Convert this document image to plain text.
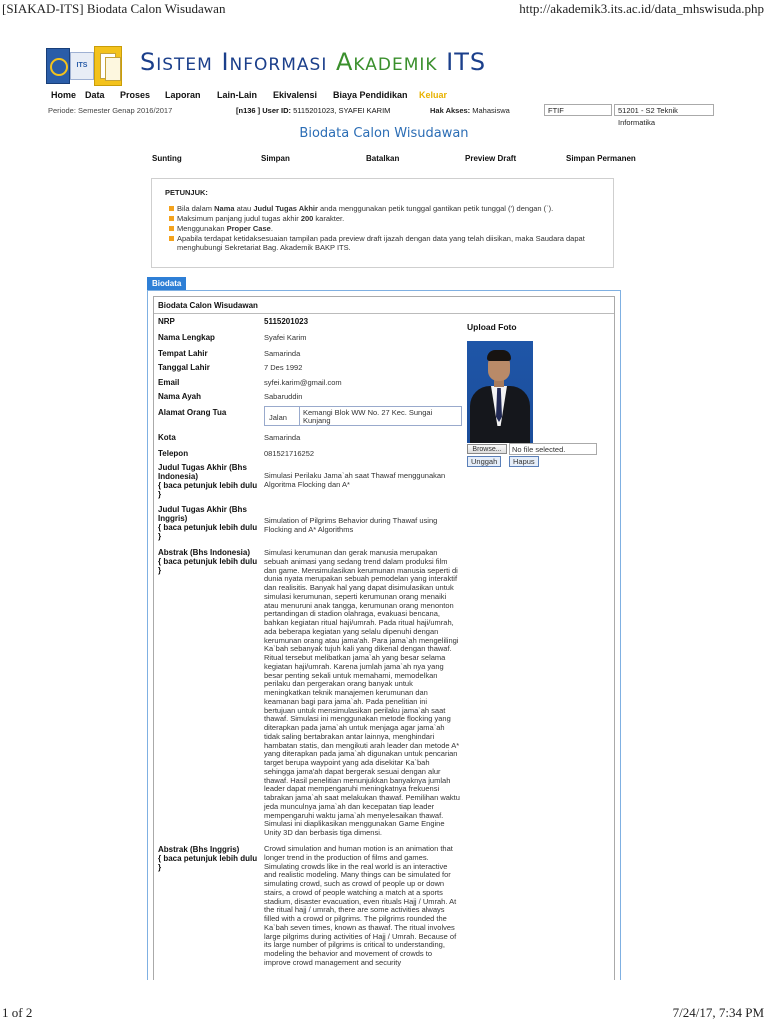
[SIAKAD-ITS] Biodata Calon Wisudawan	http://akademik3.its.ac.id/data_mhswisuda.php
ITS Sistem Informasi Akademik ITS
Home Data Proses Laporan Lain-Lain Ekivalensi Biaya Pendidikan Keluar
Periode: Semester Genap 2016/2017	[n136 ] User ID: 5115201023, SYAFEI KARIM	Hak Akses: Mahasiswa	FTIF	51201 - S2 Teknik Informatika
Biodata Calon Wisudawan
Sunting	Simpan	Batalkan	Preview Draft	Simpan Permanen
PETUNJUK:
Bila dalam Nama atau Judul Tugas Akhir anda menggunakan petik tunggal gantikan petik tunggal (') dengan (`).
Maksimum panjang judul tugas akhir 200 karakter.
Menggunakan Proper Case.
Apabila terdapat ketidaksesuaian tampilan pada preview draft ijazah dengan data yang telah diisikan, maka Saudara dapat menghubungi Sekretariat Bag. Akademik BAKP ITS.
Biodata
Biodata Calon Wisudawan
NRP	5115201023
Nama Lengkap	Syafei Karim
Tempat Lahir	Samarinda
Tanggal Lahir	7 Des 1992
Email	syfei.karim@gmail.com
Nama Ayah	Sabaruddin
Alamat Orang Tua
Jalan
Kemangi Blok WW No. 27 Kec. Sungai Kunjang
Kota	Samarinda
Telepon	081521716252
Judul Tugas Akhir (Bhs Indonesia)
{ baca petunjuk lebih dulu }
Simulasi Perilaku Jama`ah saat Thawaf menggunakan Algoritma Flocking dan A*
Judul Tugas Akhir (Bhs Inggris)
{ baca petunjuk lebih dulu }
Simulation of Pilgrims Behavior during Thawaf using Flocking and A* Algorithms
Abstrak (Bhs Indonesia)
{ baca petunjuk lebih dulu }
Simulasi kerumunan dan gerak manusia merupakan sebuah animasi yang sedang trend dalam produksi film dan game. Mensimulasikan kerumunan manusia seperti di dunia nyata merupakan sebuah pemodelan yang interaktif dan realisitis. Banyak hal yang dapat disimulasikan untuk simulasi kerumunan, seperti kerumunan orang menaiki atau menuruni anak tangga, kerumunan orang menonton pertandingan di stadion olahraga, evakuasi bencana, bahkan kegiatan ritual haji/umrah. Pada ritual haji/umrah, ada beberapa kegiatan yang selalu dipenuhi dengan kerumunan orang atau jama'ah. Para jama`ah mengelilingi Ka`bah sebanyak tujuh kali yang dikenal dengan thawaf. Ritual tersebut melibatkan jama`ah yang besar selama kegiatan haji/umrah. Karena jumlah jama`ah nya yang besar penting sekali untuk memahami, memodelkan perilaku dan pergerakan orang banyak untuk meningkatkan teknik manajemen kerumunan dan keamanan bagi para jama`ah. Pada penelitian ini bertujuan untuk mensimulasikan perilaku jama`ah saat thawaf. Simulasi ini menggunakan metode flocking yang diterapkan pada jama`ah untuk menjaga agar jama`ah tidak saling bertabrakan antar lainnya, menghindari hambatan statis, dan mengikuti arah leader dan metode A* yang diterapkan pada jama`ah digunakan untuk pencarian target berupa waypoint yang ada disekitar Ka`bah sehingga jama'ah dapat bergerak sesuai dengan alur thawaf. Hasil penelitian menunjukkan banyaknya jumlah leader dapat mempengaruhi meningkatnya frekuensi tabrakan jama`ah saat melakukan thawaf. Pemilihan waktu jeda munculnya jama`ah dan kecepatan tiap leader mempengaruhi waktu jama`ah menyelesaikan thawaf. Simulasi ini diaplikasikan menggunakan Game Engine Unity 3D dan berbasis tiga dimensi.
Abstrak (Bhs Inggris)
{ baca petunjuk lebih dulu }
Crowd simulation and human motion is an animation that longer trend in the production of films and games. Simulating crowds like in the real world is an interactive and realistic modeling. Many things can be simulated for simulating crowd, such as crowd of people up or down stairs, a crowd of people watching a match at a sports stadium, disaster evacuation, even rituals Hajj / Umrah. At the ritual hajj / umrah, there are some activities always filled with a crowd or pilgrims. The pilgrims rounded the Ka`bah seven times, known as thawaf. The ritual involves large pilgrims during activities of Hajj / Umrah. Because of its large number of pilgrims is critical to understanding, modeling the behavior and movement of crowds to improve crowd management and security
Upload Foto
Browse...	No file selected.
Unggah	Hapus
1 of 2	7/24/17, 7:34 PM
